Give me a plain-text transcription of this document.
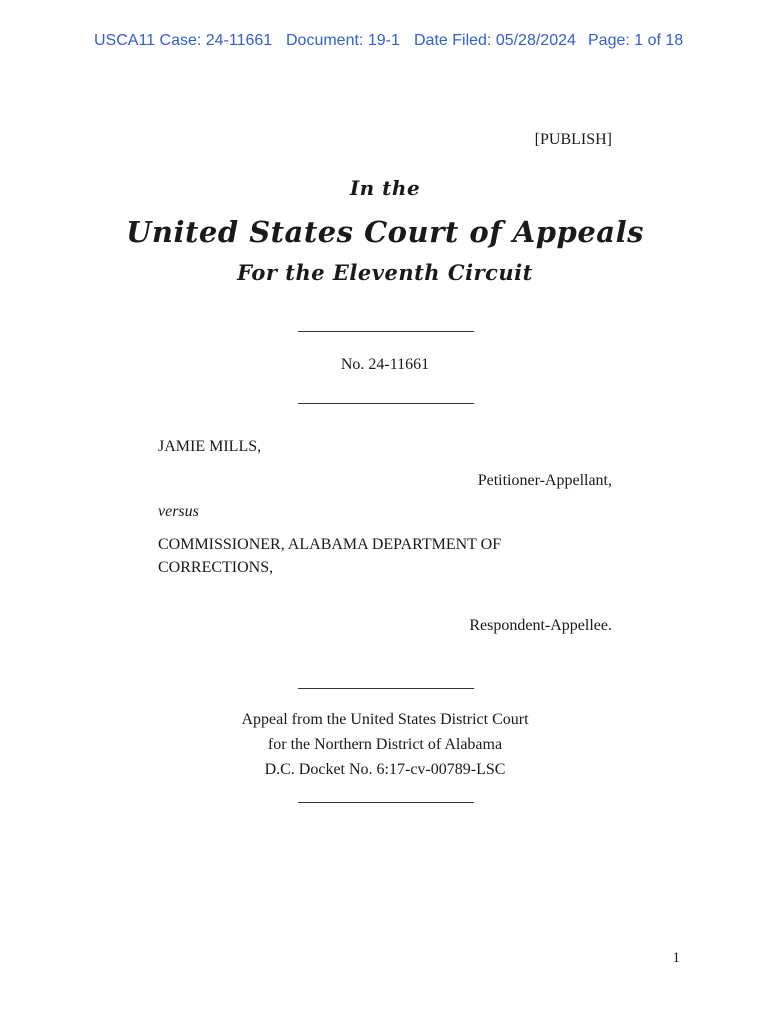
USCA11 Case: 24-11661 Document: 19-1 Date Filed: 05/28/2024 Page: 1 of 18
[PUBLISH]
In the
United States Court of Appeals
For the Eleventh Circuit
No. 24-11661
JAMIE MILLS,
Petitioner-Appellant,
versus
COMMISSIONER, ALABAMA DEPARTMENT OF
CORRECTIONS,
Respondent-Appellee.
Appeal from the United States District Court
for the Northern District of Alabama
D.C. Docket No. 6:17-cv-00789-LSC
1
